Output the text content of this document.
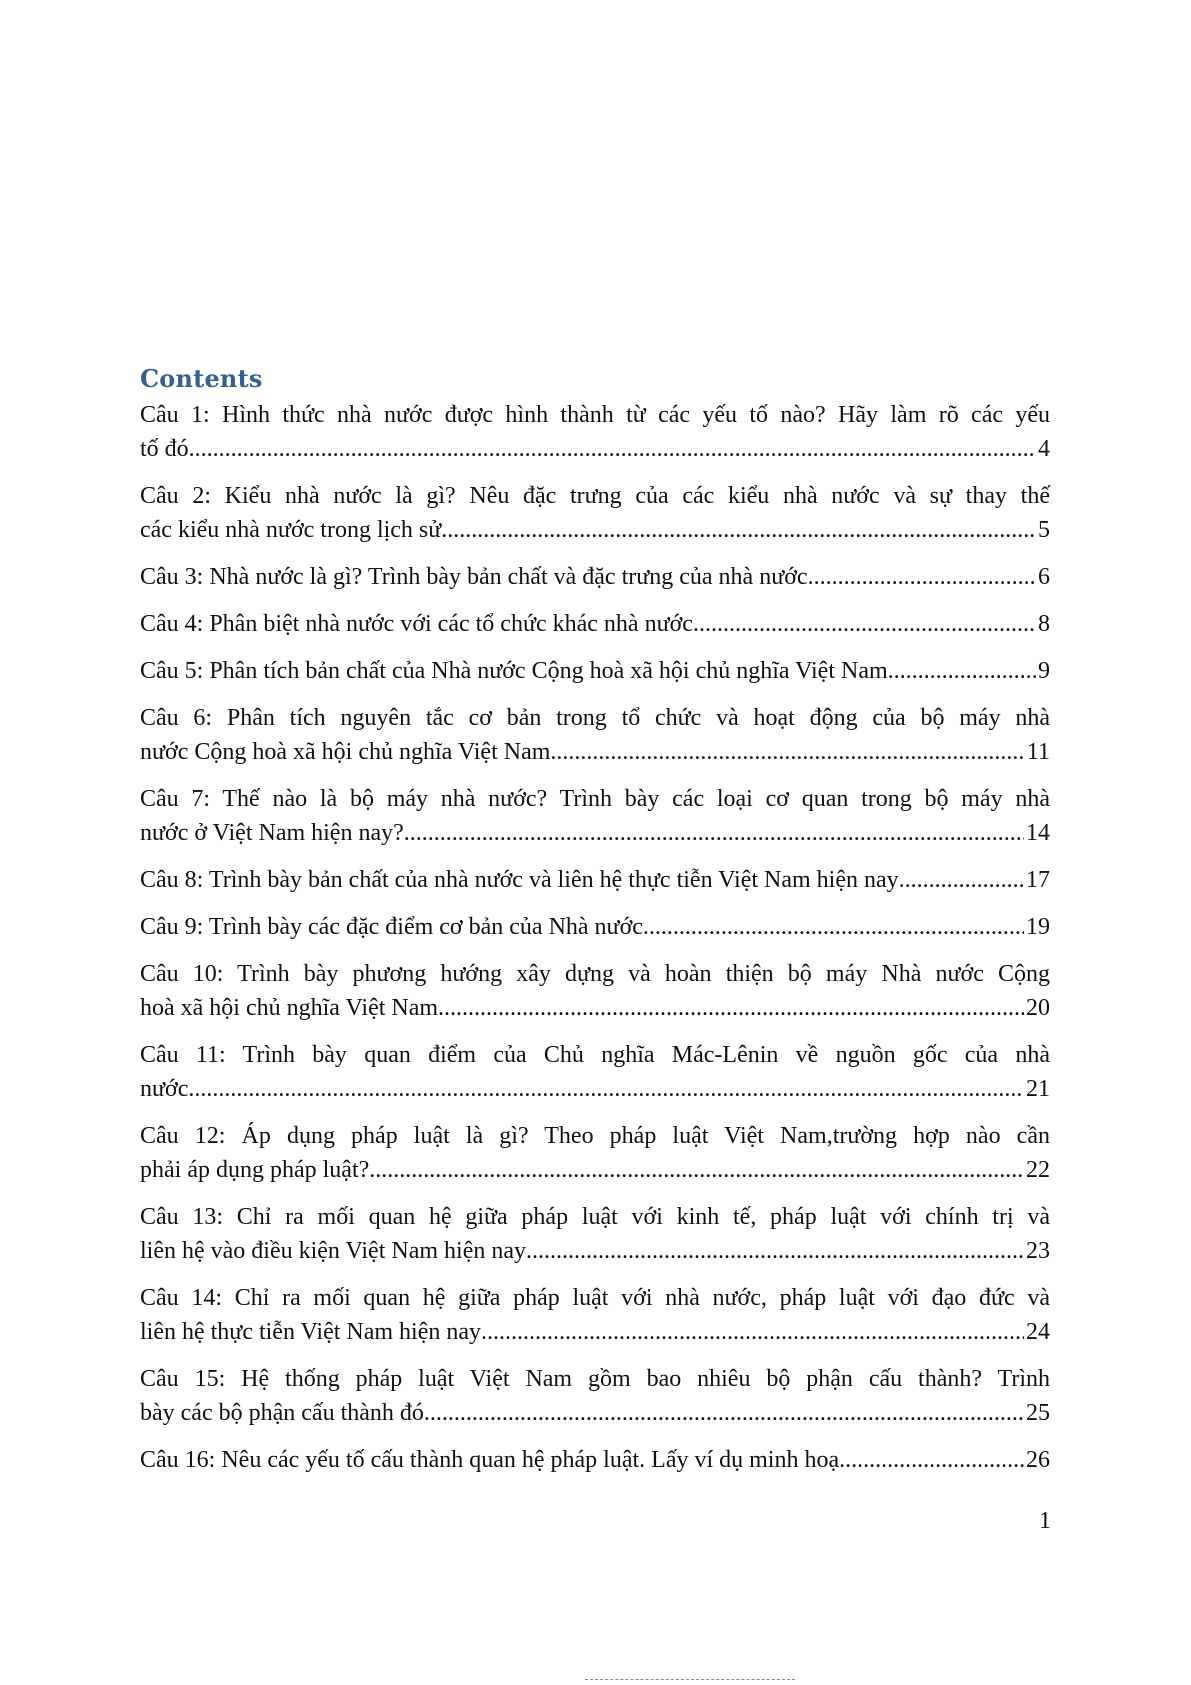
Contents
Câu 1: Hình thức nhà nước được hình thành từ các yếu tố nào? Hãy làm rõ các yếu
tố đó .....	4
Câu 2: Kiểu nhà nước là gì? Nêu đặc trưng của các kiểu nhà nước và sự thay thế
các kiểu nhà nước trong lịch sử .....	5
Câu 3: Nhà nước là gì? Trình bày bản chất và đặc trưng của nhà nước .....	6
Câu 4: Phân biệt nhà nước với các tổ chức khác nhà nước .....	8
Câu 5: Phân tích bản chất của Nhà nước Cộng hoà xã hội chủ nghĩa Việt Nam .....	9
Câu 6: Phân tích nguyên tắc cơ bản trong tổ chức và hoạt động của bộ máy nhà
nước Cộng hoà xã hội chủ nghĩa Việt Nam .....	11
Câu 7: Thế nào là bộ máy nhà nước? Trình bày các loại cơ quan trong bộ máy nhà
nước ở Việt Nam hiện nay? .....	14
Câu 8: Trình bày bản chất của nhà nước và liên hệ thực tiễn Việt Nam hiện nay .....	17
Câu 9: Trình bày các đặc điểm cơ bản của Nhà nước .....	19
Câu 10: Trình bày phương hướng xây dựng và hoàn thiện bộ máy Nhà nước Cộng
hoà xã hội chủ nghĩa Việt Nam .....	20
Câu 11: Trình bày quan điểm của Chủ nghĩa Mác-Lênin về nguồn gốc của nhà
nước .....	21
Câu 12: Áp dụng pháp luật là gì? Theo pháp luật Việt Nam,trường hợp nào cần
phải áp dụng pháp luật? .....	22
Câu 13: Chỉ ra mối quan hệ giữa pháp luật với kinh tế, pháp luật với chính trị và
liên hệ vào điều kiện Việt Nam hiện nay .....	23
Câu 14: Chỉ ra mối quan hệ giữa pháp luật với nhà nước, pháp luật với đạo đức và
liên hệ thực tiễn Việt Nam hiện nay .....	24
Câu 15: Hệ thống pháp luật Việt Nam gồm bao nhiêu bộ phận cấu thành? Trình
bày các bộ phận cấu thành đó .....	25
Câu 16: Nêu các yếu tố cấu thành quan hệ pháp luật. Lấy ví dụ minh hoạ .....	26
1
